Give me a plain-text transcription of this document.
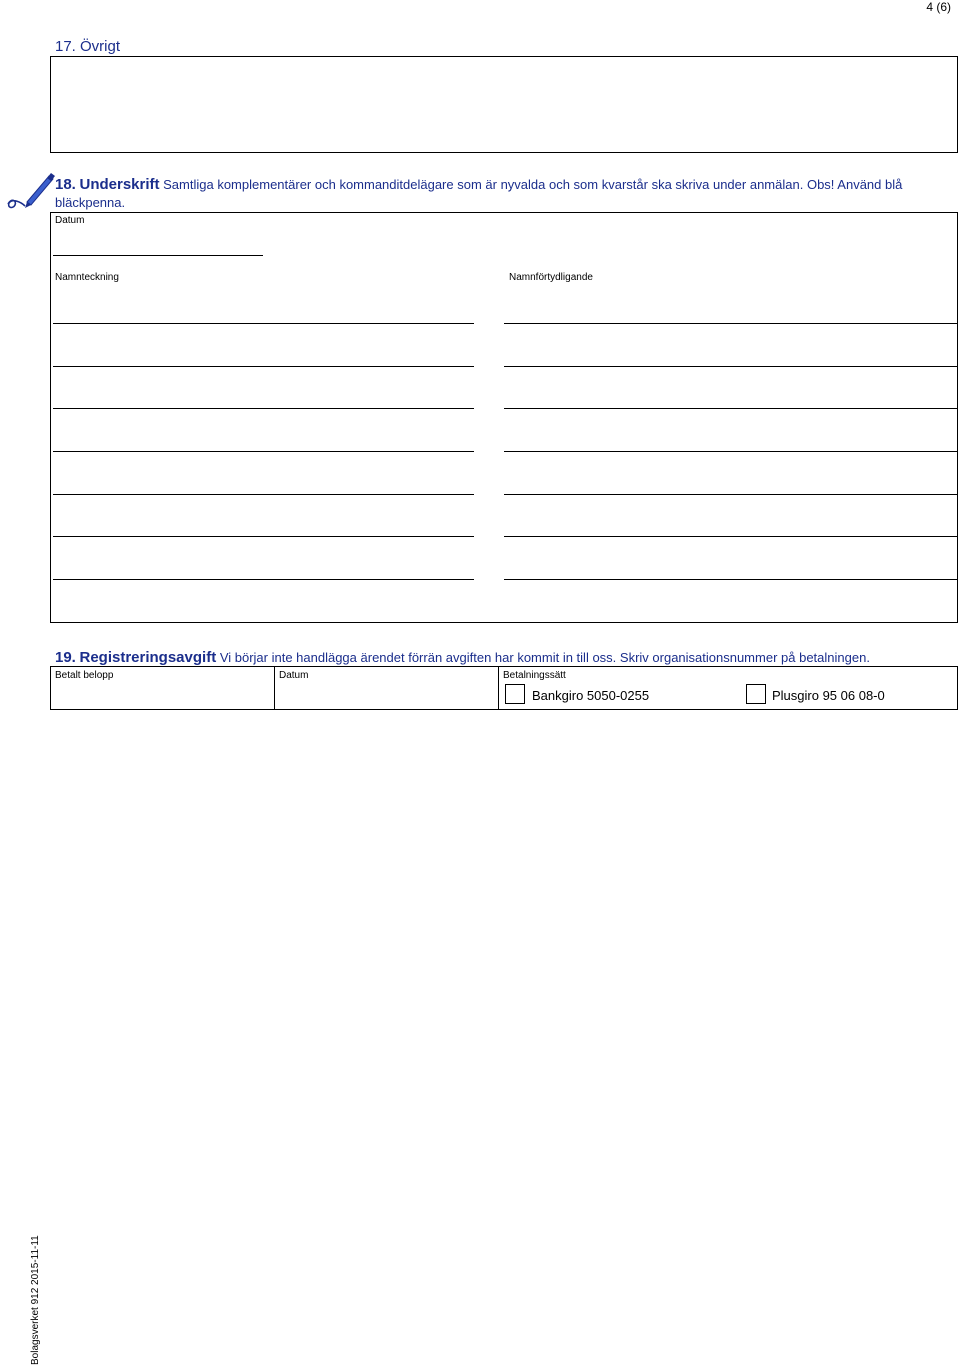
4 (6)
17. Övrigt
18. Underskrift Samtliga komplementärer och kommanditdelägare som är nyvalda och som kvarstår ska skriva under anmälan. Obs! Använd blå bläckpenna.
Datum
Namnteckning	Namnförtydligande
19. Registreringsavgift Vi börjar inte handlägga ärendet förrän avgiften har kommit in till oss. Skriv organisationsnummer på betalningen.
Betalt belopp	Datum	Betalningssätt
Bankgiro 5050-0255	Plusgiro 95 06 08-0
Bolagsverket 912 2015-11-11
